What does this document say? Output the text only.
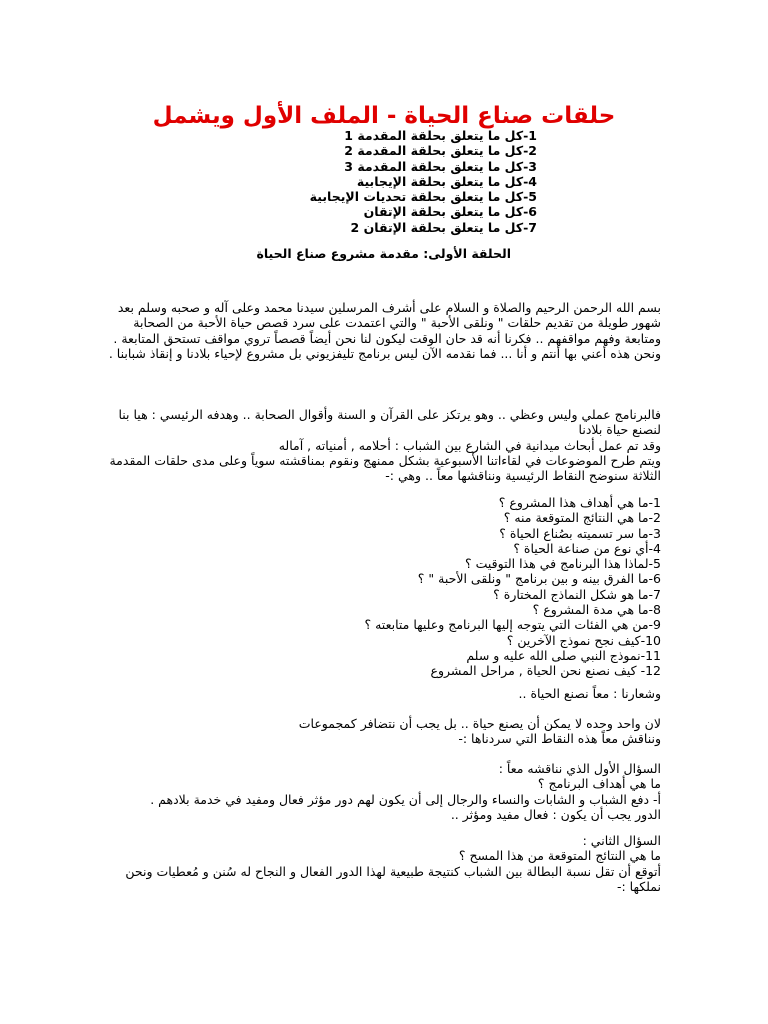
حلقات صناع الحياة - الملف الأول ويشمل
1-كل ما يتعلق بحلقة المقدمة 1
2-كل ما يتعلق بحلقة المقدمة 2
3-كل ما يتعلق بحلقة المقدمة 3
4-كل ما يتعلق بحلقة الإيجابية
5-كل ما يتعلق بحلقة تحديات الإيجابية
6-كل ما يتعلق بحلقة الإتقان
7-كل ما يتعلق بحلقة الإتقان 2
الحلقة الأولى: مقدمة مشروع صناع الحياة

بسم الله الرحمن الرحيم والصلاة و السلام على أشرف المرسلين سيدنا محمد وعلى آله و صحبه وسلم بعد شهور طويلة من تقديم حلقات " ونلقى الأحبة " والتي اعتمدت على سرد قصص حياة الأحبة من الصحابة ومتابعة وفهم مواقفهم .. فكرنا أنه قد حان الوقت ليكون لنا نحن أيضاً قصصاً تروي مواقف تستحق المتابعة .

ونحن هذه أعني بها أنتم و أنا ... فما نقدمه الآن ليس برنامج تليفزيوني بل مشروع لإحياء بلادنا و إنقاذ شبابنا .

فالبرنامج عملي وليس وعظي .. وهو يرتكز على القرآن و السنة وأقوال الصحابة .. وهدفه الرئيسي : هيا بنا لنصنع حياة بلادنا

وقد تم عمل أبحاث ميدانية في الشارع بين الشباب : أحلامه , أمنياته , آماله

ويتم طرح الموضوعات في لقاءاتنا الأسبوعية بشكل ممنهج ونقوم بمناقشته سوياً وعلى مدى حلقات المقدمة الثلاثة سنوضح النقاط الرئيسية ونناقشها معاً .. وهي :-

1-ما هي أهداف هذا المشروع ؟
2-ما هي النتائج المتوقعة منه ؟
3-ما سر تسميته بصُناع الحياة ؟
4-أي نوع من صناعة الحياة ؟
5-لماذا هذا البرنامج في هذا التوقيت ؟
6-ما الفرق بينه و بين برنامج " ونلقى الأحبة " ؟
7-ما هو شكل النماذج المختارة ؟
8-ما هي مدة المشروع ؟
9-من هي الفئات التي يتوجه إليها البرنامج وعليها متابعته ؟
10-كيف نجح نموذج الآخرين ؟
11-نموذج النبي صلى الله عليه و سلم
12- كيف نصنع نحن الحياة , مراحل المشروع

وشعارنا : معاً نصنع الحياة ..

لان واحد وحده لا يمكن أن يصنع حياة .. بل يجب أن نتضافر كمجموعات

ونناقش معاً هذه النقاط التي سردناها :-

السؤال الأول الذي نناقشه معاً :

ما هي أهداف البرنامج ؟

أ- دفع الشباب و الشابات والنساء والرجال إلى أن يكون لهم دور مؤثر فعال ومفيد في خدمة بلادهم .

الدور يجب أن يكون : فعال مفيد ومؤثر ..

السؤال الثاني :

ما هي النتائج المتوقعة من هذا المسح ؟

أتوقع أن تقل نسبة البطالة بين الشباب كنتيجة طبيعية لهذا الدور الفعال و النجاح له سُنن و مُعطيات ونحن نملكها :-
